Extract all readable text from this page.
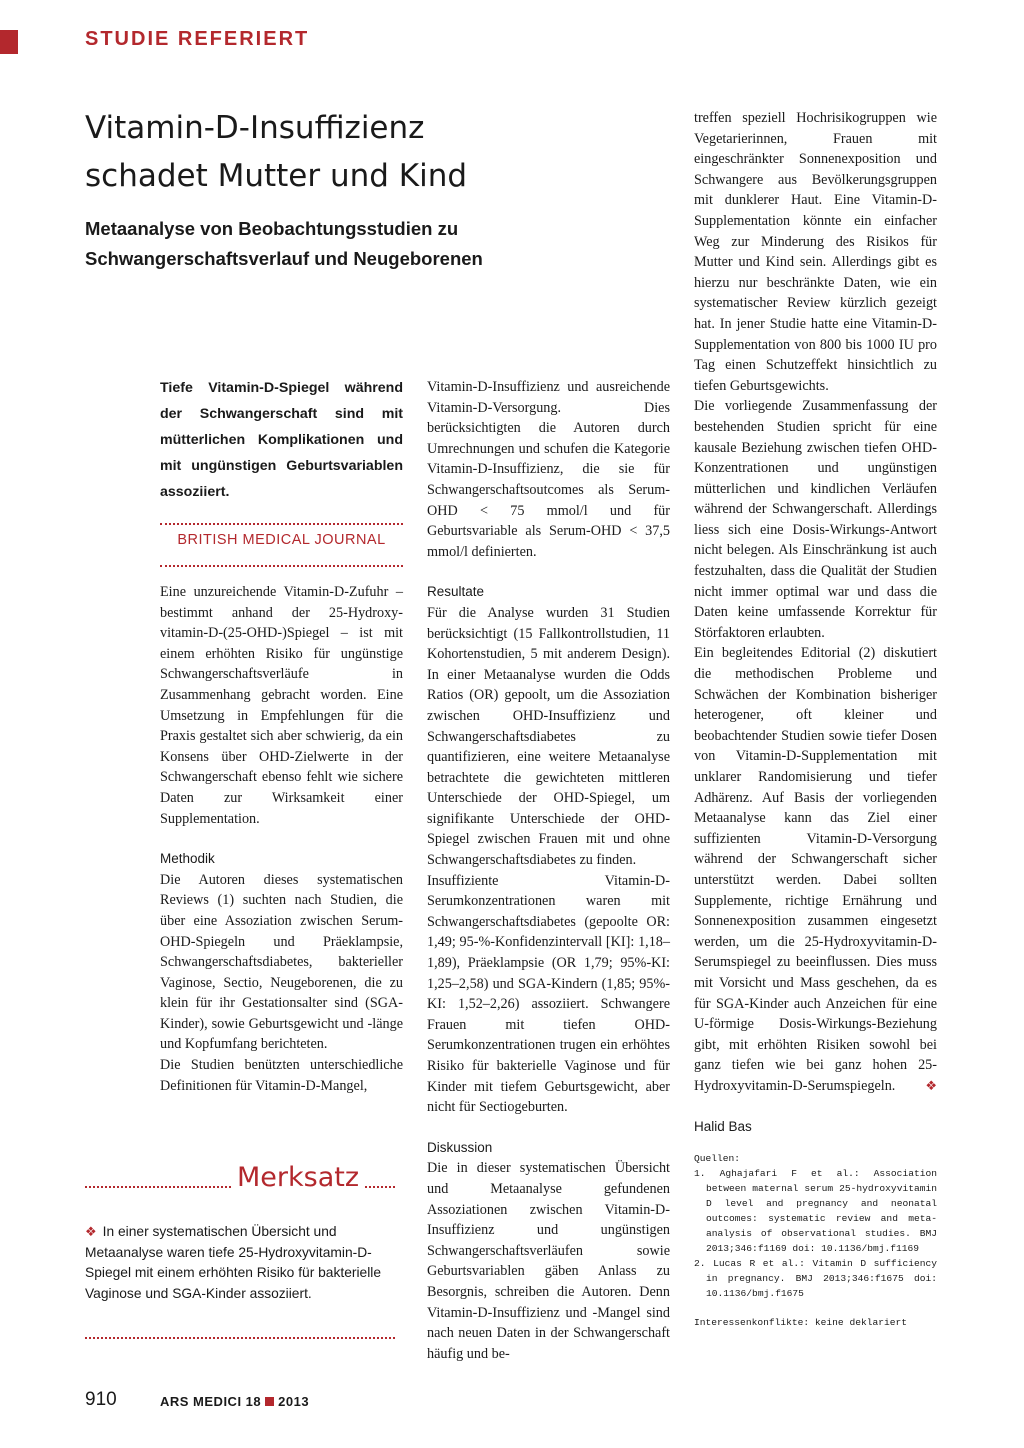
STUDIE REFERIERT
Vitamin-D-Insuffizienz
schadet Mutter und Kind
Metaanalyse von Beobachtungsstudien zu Schwangerschaftsverlauf und Neugeborenen
Tiefe Vitamin-D-Spiegel während der Schwangerschaft sind mit mütterlichen Komplikationen und mit ungünstigen Geburtsvariablen assoziiert.
BRITISH MEDICAL JOURNAL

Eine unzureichende Vitamin-D-Zufuhr – bestimmt anhand der 25-Hydroxy-vitamin-D-(25-OHD-)Spiegel – ist mit einem erhöhten Risiko für ungünstige Schwangerschaftsverläufe in Zusammenhang gebracht worden. Eine Umsetzung in Empfehlungen für die Praxis gestaltet sich aber schwierig, da ein Konsens über OHD-Zielwerte in der Schwangerschaft ebenso fehlt wie sichere Daten zur Wirksamkeit einer Supplementation.

Methodik

Die Autoren dieses systematischen Reviews (1) suchten nach Studien, die über eine Assoziation zwischen Serum-OHD-Spiegeln und Präeklampsie, Schwangerschaftsdiabetes, bakterieller Vaginose, Sectio, Neugeborenen, die zu klein für ihr Gestationsalter sind (SGA-Kinder), sowie Geburtsgewicht und -länge und Kopfumfang berichteten.

Die Studien benützten unterschiedliche Definitionen für Vitamin-D-Mangel,

Vitamin-D-Insuffizienz und ausreichende Vitamin-D-Versorgung. Dies berücksichtigten die Autoren durch Umrechnungen und schufen die Kategorie Vitamin-D-Insuffizienz, die sie für Schwangerschaftsoutcomes als Serum-OHD < 75 mmol/l und für Geburtsvariable als Serum-OHD < 37,5 mmol/l definierten.

Resultate

Für die Analyse wurden 31 Studien berücksichtigt (15 Fallkontrollstudien, 11 Kohortenstudien, 5 mit anderem Design). In einer Metaanalyse wurden die Odds Ratios (OR) gepoolt, um die Assoziation zwischen OHD-Insuffizienz und Schwangerschaftsdiabetes zu quantifizieren, eine weitere Metaanalyse betrachtete die gewichteten mittleren Unterschiede der OHD-Spiegel, um signifikante Unterschiede der OHD-Spiegel zwischen Frauen mit und ohne Schwangerschaftsdiabetes zu finden.

Insuffiziente Vitamin-D-Serumkonzentrationen waren mit Schwangerschaftsdiabetes (gepoolte OR: 1,49; 95-%-Konfidenzintervall [KI]: 1,18–1,89), Präeklampsie (OR 1,79; 95%-KI: 1,25–2,58) und SGA-Kindern (1,85; 95%-KI: 1,52–2,26) assoziiert. Schwangere Frauen mit tiefen OHD-Serumkonzentrationen trugen ein erhöhtes Risiko für bakterielle Vaginose und für Kinder mit tiefem Geburtsgewicht, aber nicht für Sectiogeburten.

Diskussion

Die in dieser systematischen Übersicht und Metaanalyse gefundenen Assoziationen zwischen Vitamin-D-Insuffizienz und ungünstigen Schwangerschaftsverläufen sowie Geburtsvariablen gäben Anlass zu Besorgnis, schreiben die Autoren. Denn Vitamin-D-Insuffizienz und -Mangel sind nach neuen Daten in der Schwangerschaft häufig und be-

treffen speziell Hochrisikogruppen wie Vegetarierinnen, Frauen mit eingeschränkter Sonnenexposition und Schwangere aus Bevölkerungsgruppen mit dunklerer Haut. Eine Vitamin-D-Supplementation könnte ein einfacher Weg zur Minderung des Risikos für Mutter und Kind sein. Allerdings gibt es hierzu nur beschränkte Daten, wie ein systematischer Review kürzlich gezeigt hat. In jener Studie hatte eine Vitamin-D-Supplementation von 800 bis 1000 IU pro Tag einen Schutzeffekt hinsichtlich zu tiefen Geburtsgewichts.

Die vorliegende Zusammenfassung der bestehenden Studien spricht für eine kausale Beziehung zwischen tiefen OHD-Konzentrationen und ungünstigen mütterlichen und kindlichen Verläufen während der Schwangerschaft. Allerdings liess sich eine Dosis-Wirkungs-Antwort nicht belegen. Als Einschränkung ist auch festzuhalten, dass die Qualität der Studien nicht immer optimal war und dass die Daten keine umfassende Korrektur für Störfaktoren erlaubten.

Ein begleitendes Editorial (2) diskutiert die methodischen Probleme und Schwächen der Kombination bisheriger heterogener, oft kleiner und beobachtender Studien sowie tiefer Dosen von Vitamin-D-Supplementation mit unklarer Randomisierung und tiefer Adhärenz. Auf Basis der vorliegenden Metaanalyse kann das Ziel einer suffizienten Vitamin-D-Versorgung während der Schwangerschaft sicher unterstützt werden. Dabei sollten Supplemente, richtige Ernährung und Sonnenexposition zusammen eingesetzt werden, um die 25-Hydroxyvitamin-D-Serumspiegel zu beeinflussen. Dies muss mit Vorsicht und Mass geschehen, da es für SGA-Kinder auch Anzeichen für eine U-förmige Dosis-Wirkungs-Beziehung gibt, mit erhöhten Risiken sowohl bei ganz tiefen wie bei ganz hohen 25-Hydroxyvitamin-D-Serumspiegeln. ❖

Halid Bas

Quellen:

1. Aghajafari F et al.: Association between maternal serum 25-hydroxyvitamin D level and pregnancy and neonatal outcomes: systematic review and meta-analysis of observational studies. BMJ 2013;346:f1169 doi: 10.1136/bmj.f1169

2. Lucas R et al.: Vitamin D sufficiency in pregnancy. BMJ 2013;346:f1675 doi: 10.1136/bmj.f1675

Interessenkonflikte: keine deklariert

Merksatz
❖ In einer systematischen Übersicht und Metaanalyse waren tiefe 25-Hydroxyvitamin-D-Spiegel mit einem erhöhten Risiko für bakterielle Vaginose und SGA-Kinder assoziiert.
910	ARS MEDICI 18 2013
